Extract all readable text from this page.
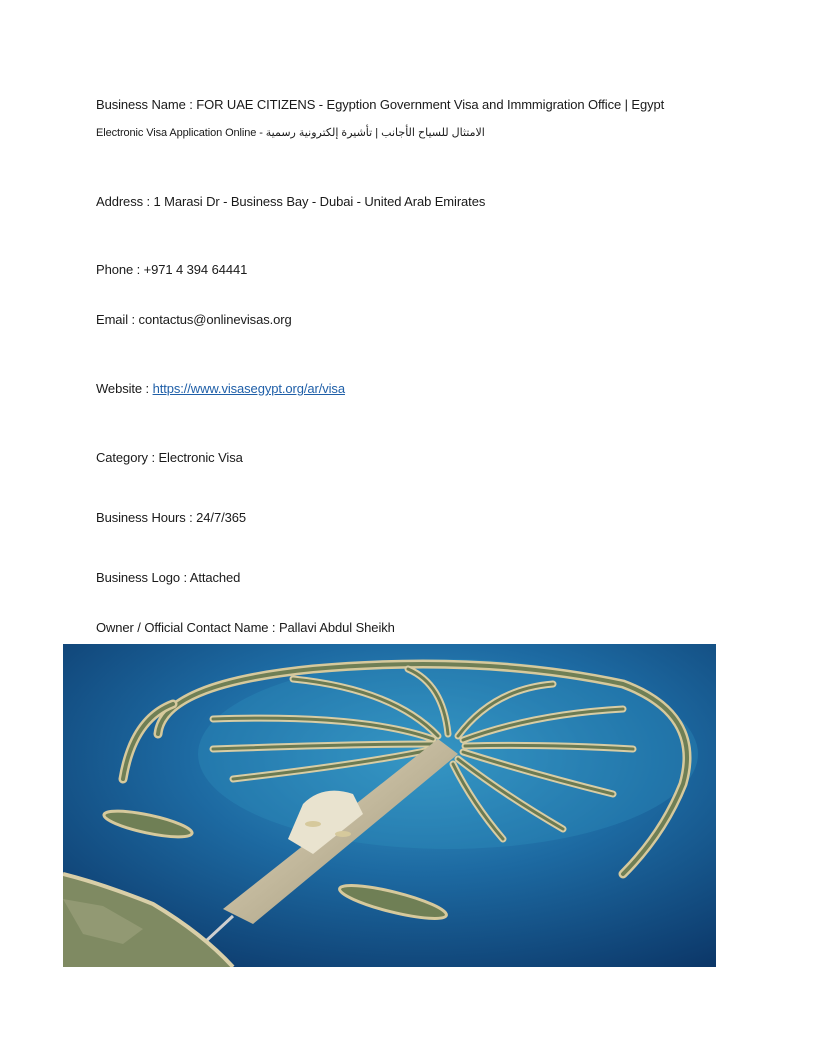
Business Name : FOR UAE CITIZENS - Egyption Government Visa and Immmigration Office | Egypt
Electronic Visa Application Online - الامتثال للسياح الأجانب | تأشيرة إلكترونية رسمية
Address : 1 Marasi Dr - Business Bay - Dubai - United Arab Emirates
Phone : +971 4 394 64441
Email : contactus@onlinevisas.org
Website : https://www.visasegypt.org/ar/visa
Category : Electronic Visa
Business Hours : 24/7/365
Business Logo : Attached
Owner / Official Contact Name : Pallavi Abdul Sheikh
